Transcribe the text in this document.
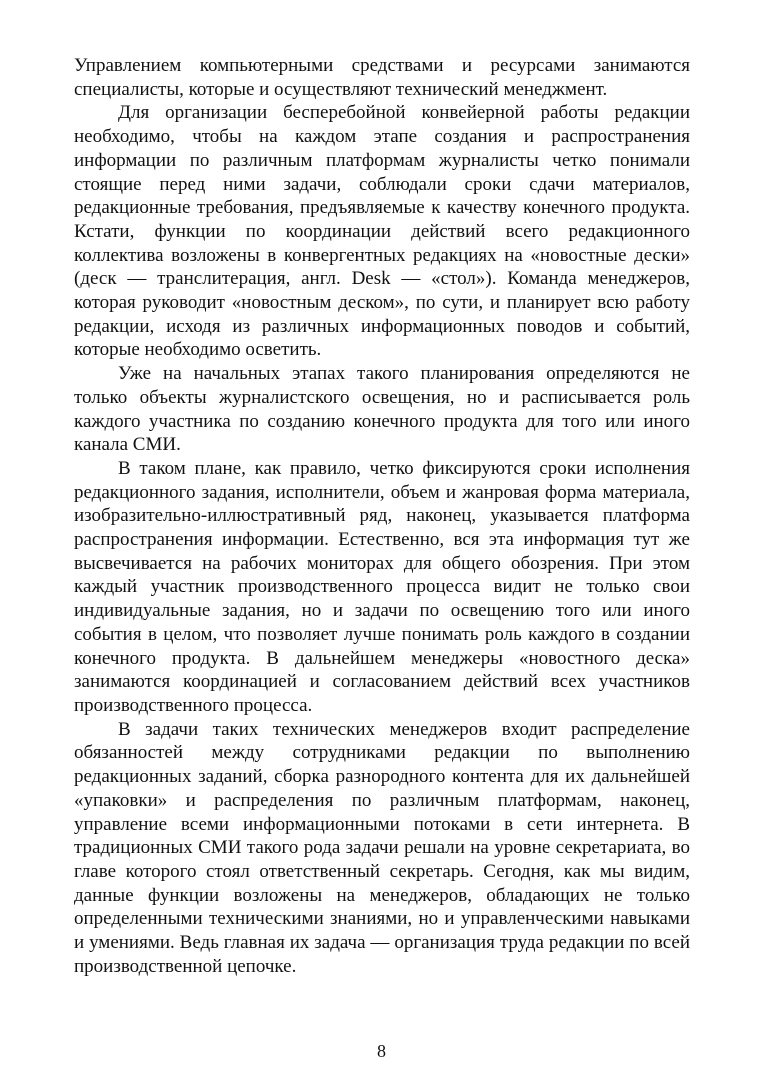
Управлением компьютерными средствами и ресурсами занимаются специалисты, которые и осуществляют технический менеджмент.

Для организации бесперебойной конвейерной работы редакции необходимо, чтобы на каждом этапе создания и распространения информации по различным платформам журналисты четко понимали стоящие перед ними задачи, соблюдали сроки сдачи материалов, редакционные требования, предъявляемые к качеству конечного продукта. Кстати, функции по координации действий всего редакционного коллектива возложены в конвергентных редакциях на «новостные дески» (деск — транслитерация, англ. Desk — «стол»). Команда менеджеров, которая руководит «новостным деском», по сути, и планирует всю работу редакции, исходя из различных информационных поводов и событий, которые необходимо осветить.

Уже на начальных этапах такого планирования определяются не только объекты журналистского освещения, но и расписывается роль каждого участника по созданию конечного продукта для того или иного канала СМИ.

В таком плане, как правило, четко фиксируются сроки исполнения редакционного задания, исполнители, объем и жанровая форма материала, изобразительно-иллюстративный ряд, наконец, указывается платформа распространения информации. Естественно, вся эта информация тут же высвечивается на рабочих мониторах для общего обозрения. При этом каждый участник производственного процесса видит не только свои индивидуальные задания, но и задачи по освещению того или иного события в целом, что позволяет лучше понимать роль каждого в создании конечного продукта. В дальнейшем менеджеры «новостного деска» занимаются координацией и согласованием действий всех участников производственного процесса.

В задачи таких технических менеджеров входит распределение обязанностей между сотрудниками редакции по выполнению редакционных заданий, сборка разнородного контента для их дальнейшей «упаковки» и распределения по различным платформам, наконец, управление всеми информационными потоками в сети интернета. В традиционных СМИ такого рода задачи решали на уровне секретариата, во главе которого стоял ответственный секретарь. Сегодня, как мы видим, данные функции возложены на менеджеров, обладающих не только определенными техническими знаниями, но и управленческими навыками и умениями. Ведь главная их задача — организация труда редакции по всей производственной цепочке.

8
